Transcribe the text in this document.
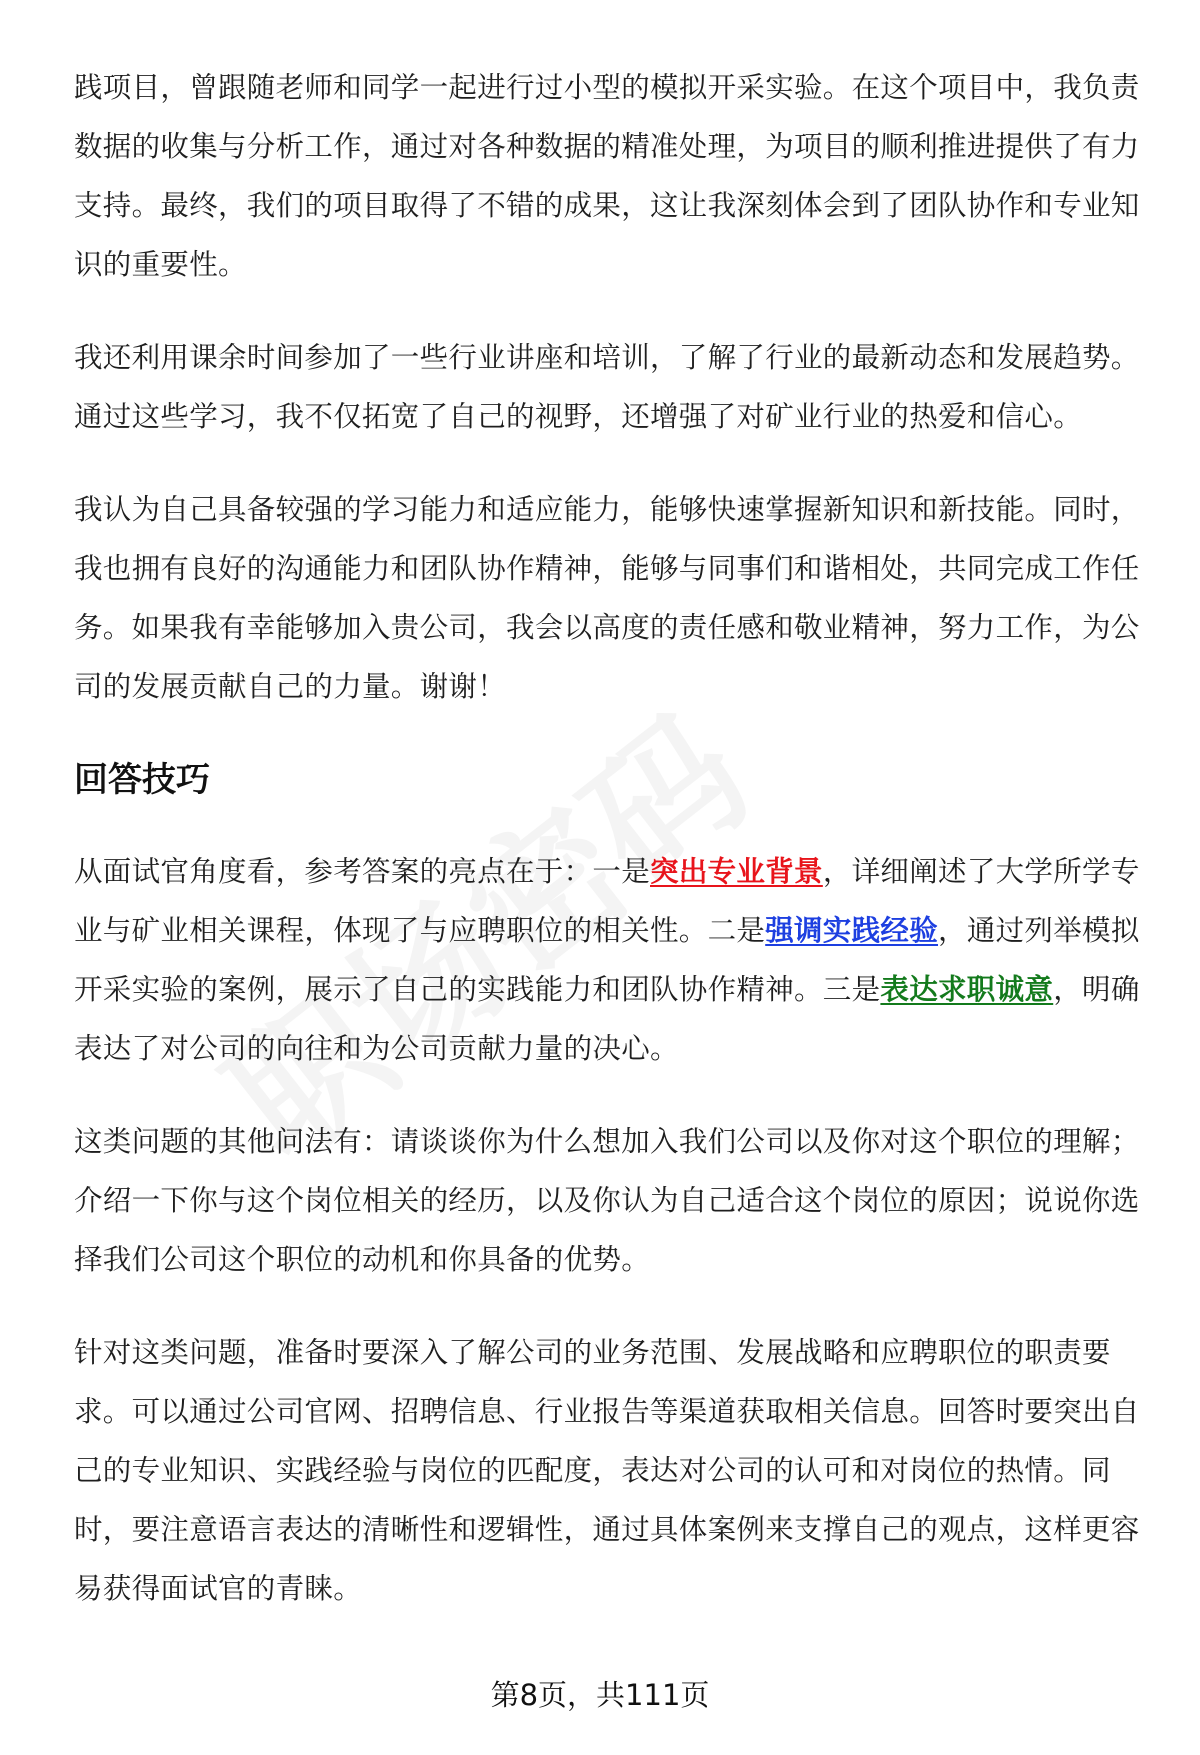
践项目，曾跟随老师和同学一起进行过小型的模拟开采实验。在这个项目中，我负责数据的收集与分析工作，通过对各种数据的精准处理，为项目的顺利推进提供了有力支持。最终，我们的项目取得了不错的成果，这让我深刻体会到了团队协作和专业知识的重要性。

我还利用课余时间参加了一些行业讲座和培训，了解了行业的最新动态和发展趋势。通过这些学习，我不仅拓宽了自己的视野，还增强了对矿业行业的热爱和信心。

我认为自己具备较强的学习能力和适应能力，能够快速掌握新知识和新技能。同时，我也拥有良好的沟通能力和团队协作精神，能够与同事们和谐相处，共同完成工作任务。如果我有幸能够加入贵公司，我会以高度的责任感和敬业精神，努力工作，为公司的发展贡献自己的力量。谢谢！

回答技巧

从面试官角度看，参考答案的亮点在于：一是突出专业背景，详细阐述了大学所学专业与矿业相关课程，体现了与应聘职位的相关性。二是强调实践经验，通过列举模拟开采实验的案例，展示了自己的实践能力和团队协作精神。三是表达求职诚意，明确表达了对公司的向往和为公司贡献力量的决心。

这类问题的其他问法有：请谈谈你为什么想加入我们公司以及你对这个职位的理解；介绍一下你与这个岗位相关的经历，以及你认为自己适合这个岗位的原因；说说你选择我们公司这个职位的动机和你具备的优势。

针对这类问题，准备时要深入了解公司的业务范围、发展战略和应聘职位的职责要求。可以通过公司官网、招聘信息、行业报告等渠道获取相关信息。回答时要突出自己的专业知识、实践经验与岗位的匹配度，表达对公司的认可和对岗位的热情。同时，要注意语言表达的清晰性和逻辑性，通过具体案例来支撑自己的观点，这样更容易获得面试官的青睐。

第8页，共111页
